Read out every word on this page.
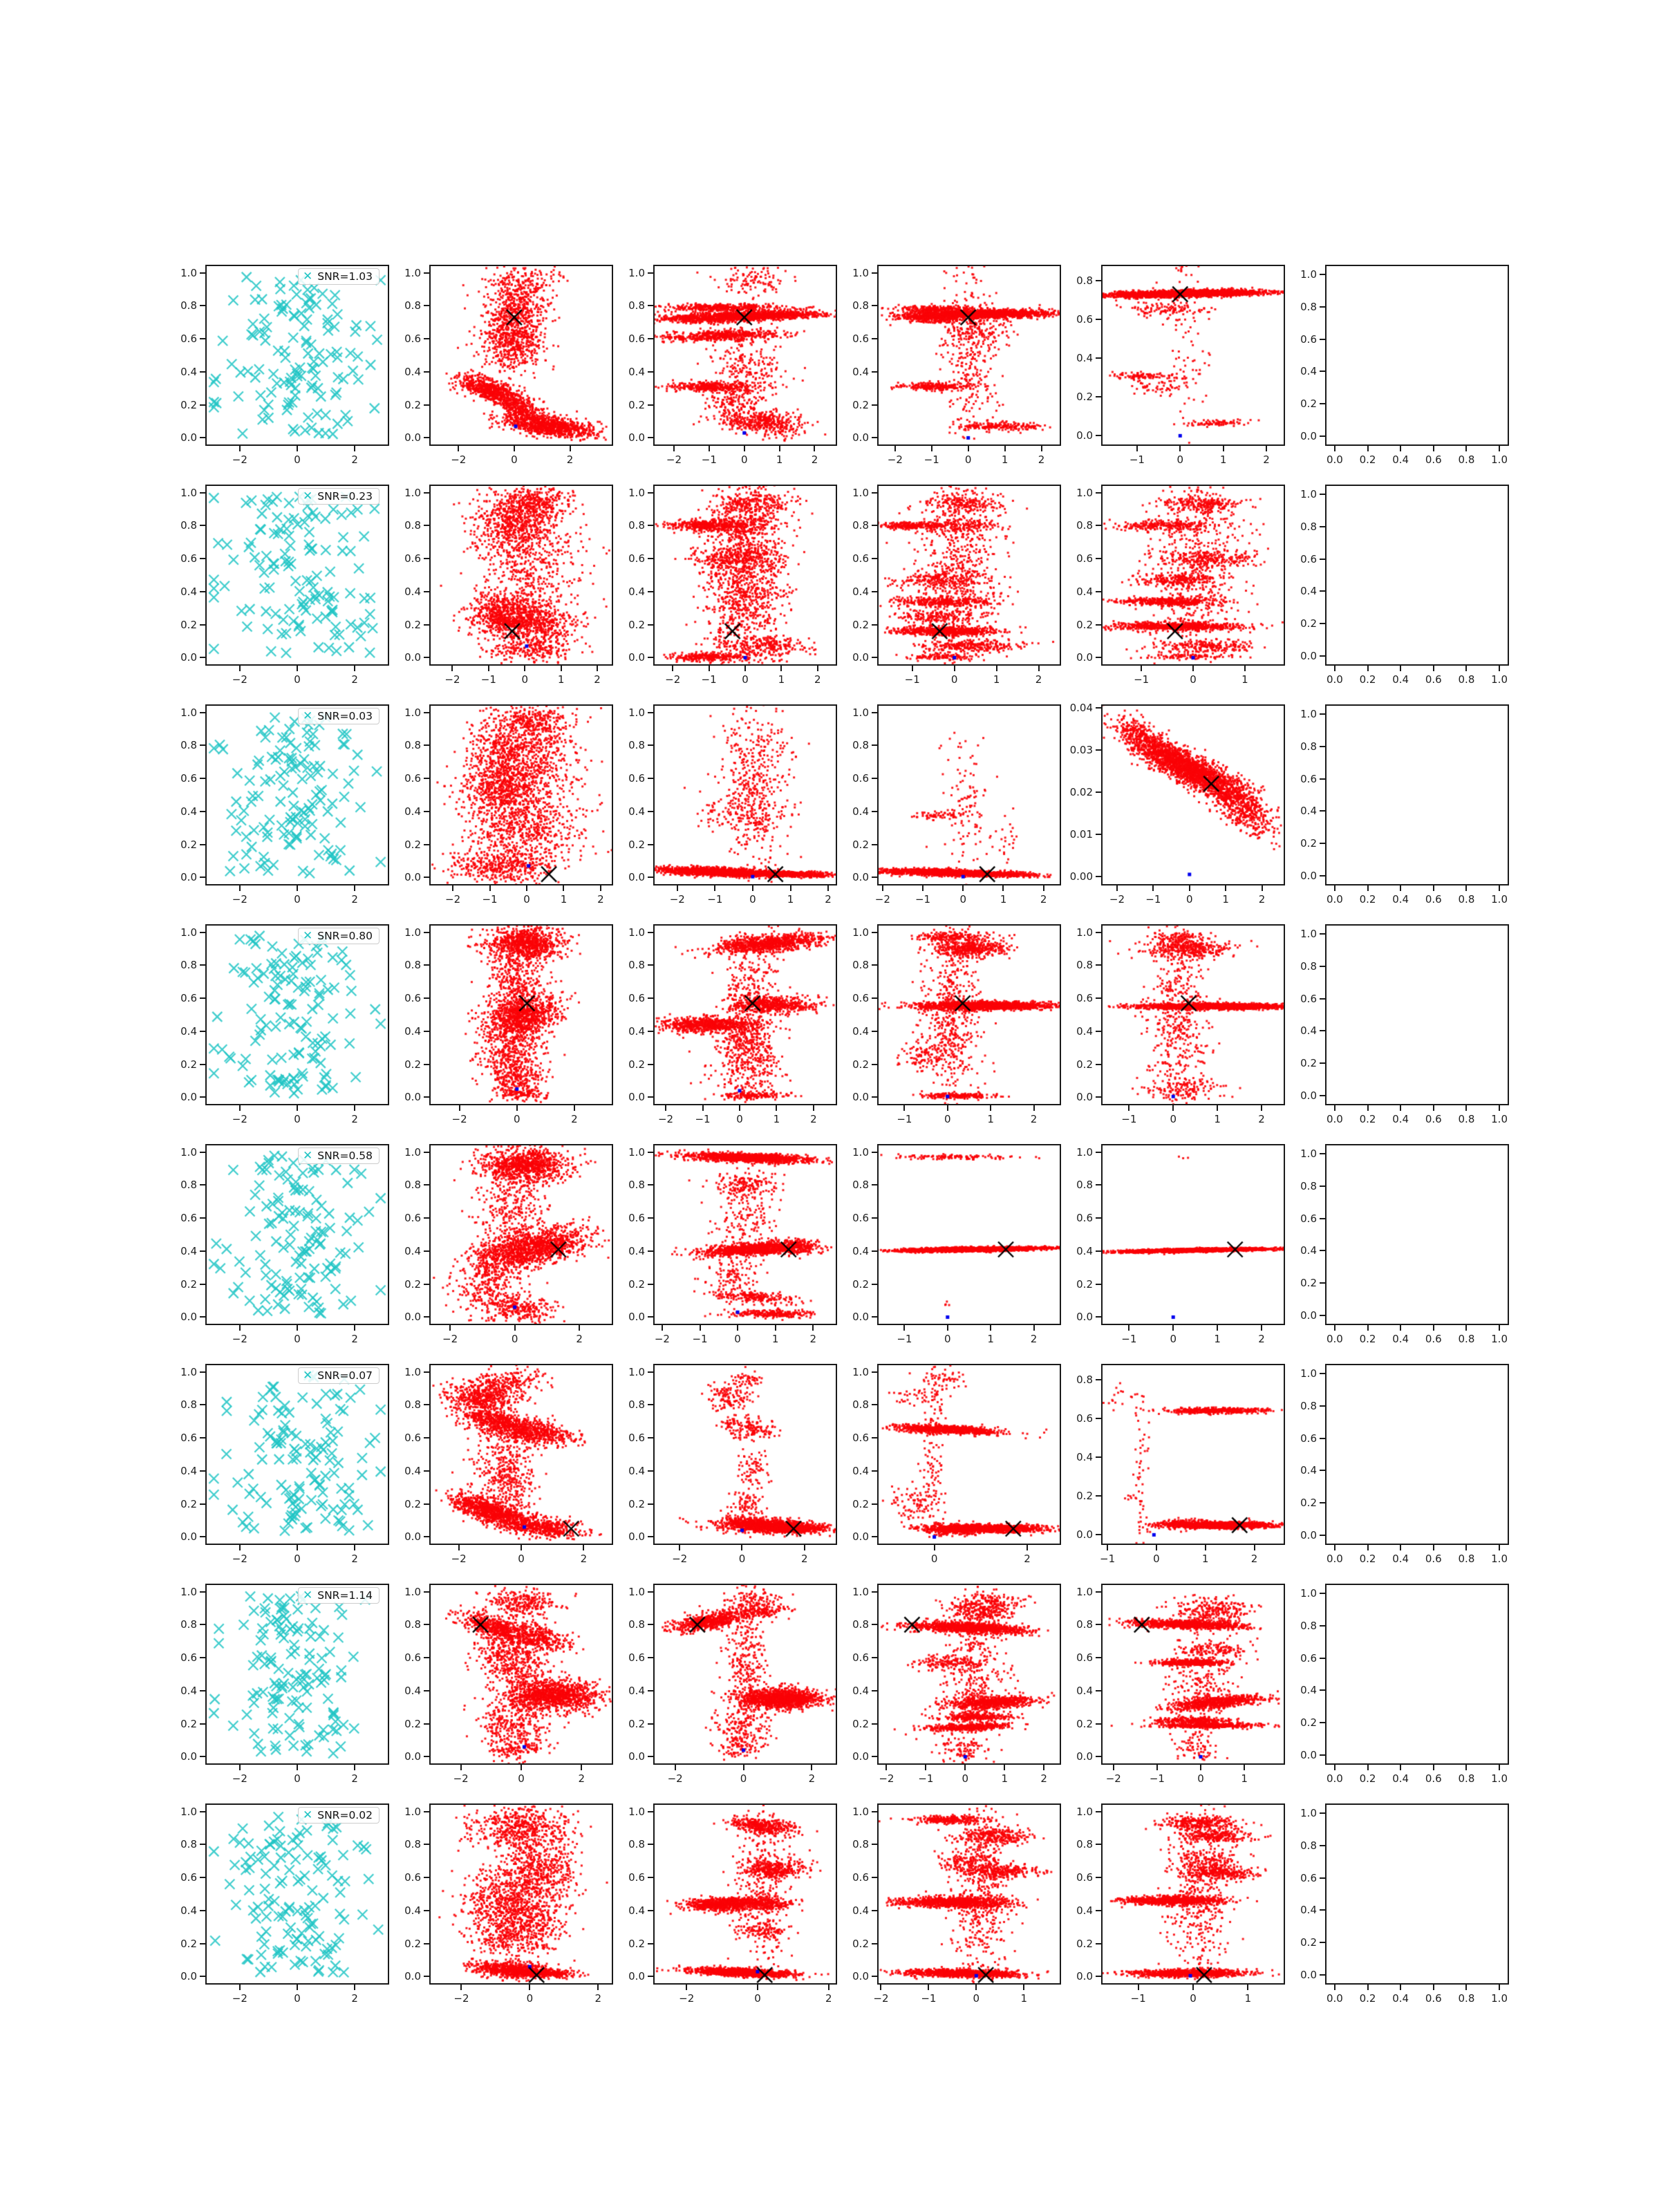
−2	0	2
0.0
0.2
0.4
0.6
0.8
1.0	✕ SNR=1.03
−2	0	2
0.0
0.2
0.4
0.6
0.8
1.0
−2	−1	0	1	2
0.0
0.2
0.4
0.6
0.8
1.0
−2	−1	0	1	2
0.0
0.2
0.4
0.6
0.8
1.0
−1	0	1	2
0.0
0.2
0.4
0.6
0.8
0.0	0.2	0.4	0.6	0.8	1.0
0.0
0.2
0.4
0.6
0.8
1.0
−2	0	2
0.0
0.2
0.4
0.6
0.8
1.0	✕ SNR=0.23
−2	−1	0	1	2
0.0
0.2
0.4
0.6
0.8
1.0
−2	−1	0	1	2
0.0
0.2
0.4
0.6
0.8
1.0
−1	0	1	2
0.0
0.2
0.4
0.6
0.8
1.0
−1	0	1
0.0
0.2
0.4
0.6
0.8
1.0
0.0	0.2	0.4	0.6	0.8	1.0
0.0
0.2
0.4
0.6
0.8
1.0
−2	0	2
0.0
0.2
0.4
0.6
0.8
1.0	✕ SNR=0.03
−2	−1	0	1	2
0.0
0.2
0.4
0.6
0.8
1.0
−2	−1	0	1	2
0.0
0.2
0.4
0.6
0.8
1.0
−2	−1	0	1	2
0.0
0.2
0.4
0.6
0.8
1.0
−2	−1	0	1	2
0.00
0.01
0.02
0.03
0.04
0.0	0.2	0.4	0.6	0.8	1.0
0.0
0.2
0.4
0.6
0.8
1.0
−2	0	2
0.0
0.2
0.4
0.6
0.8
1.0	✕ SNR=0.80
−2	0	2
0.0
0.2
0.4
0.6
0.8
1.0
−2	−1	0	1	2
0.0
0.2
0.4
0.6
0.8
1.0
−1	0	1	2
0.0
0.2
0.4
0.6
0.8
1.0
−1	0	1	2
0.0
0.2
0.4
0.6
0.8
1.0
0.0	0.2	0.4	0.6	0.8	1.0
0.0
0.2
0.4
0.6
0.8
1.0
−2	0	2
0.0
0.2
0.4
0.6
0.8
1.0	✕ SNR=0.58
−2	0	2
0.0
0.2
0.4
0.6
0.8
1.0
−2	−1	0	1	2
0.0
0.2
0.4
0.6
0.8
1.0
−1	0	1	2
0.0
0.2
0.4
0.6
0.8
1.0
−1	0	1	2
0.0
0.2
0.4
0.6
0.8
1.0
0.0	0.2	0.4	0.6	0.8	1.0
0.0
0.2
0.4
0.6
0.8
1.0
−2	0	2
0.0
0.2
0.4
0.6
0.8
1.0	✕ SNR=0.07
−2	0	2
0.0
0.2
0.4
0.6
0.8
1.0
−2	0	2
0.0
0.2
0.4
0.6
0.8
1.0
0	2
0.0
0.2
0.4
0.6
0.8
1.0
−1	0	1	2
0.0
0.2
0.4
0.6
0.8
0.0	0.2	0.4	0.6	0.8	1.0
0.0
0.2
0.4
0.6
0.8
1.0
−2	0	2
0.0
0.2
0.4
0.6
0.8
1.0	✕ SNR=1.14
−2	0	2
0.0
0.2
0.4
0.6
0.8
1.0
−2	0	2
0.0
0.2
0.4
0.6
0.8
1.0
−2	−1	0	1	2
0.0
0.2
0.4
0.6
0.8
1.0
−2	−1	0	1
0.0
0.2
0.4
0.6
0.8
1.0
0.0	0.2	0.4	0.6	0.8	1.0
0.0
0.2
0.4
0.6
0.8
1.0
−2	0	2
0.0
0.2
0.4
0.6
0.8
1.0	✕ SNR=0.02
−2	0	2
0.0
0.2
0.4
0.6
0.8
1.0
−2	0	2
0.0
0.2
0.4
0.6
0.8
1.0
−2	−1	0	1
0.0
0.2
0.4
0.6
0.8
1.0
−1	0	1
0.0
0.2
0.4
0.6
0.8
1.0
0.0	0.2	0.4	0.6	0.8	1.0
0.0
0.2
0.4
0.6
0.8
1.0
